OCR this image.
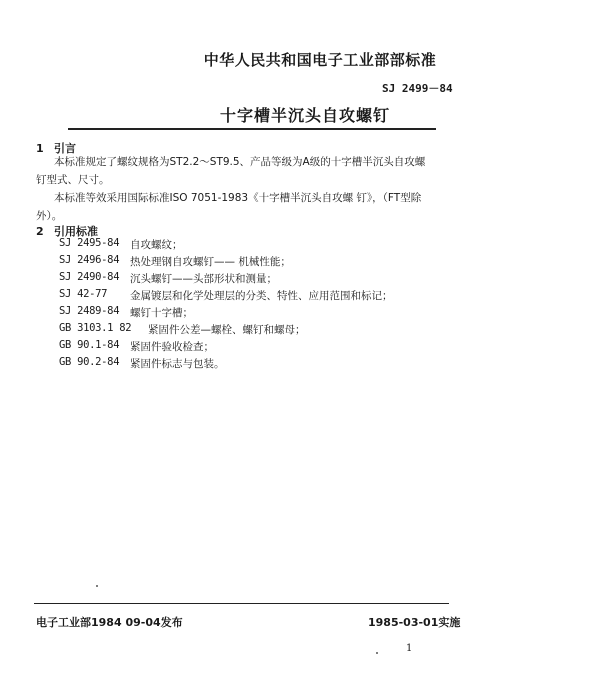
中华人民共和国电子工业部部标准
SJ 2499－84
十字槽半沉头自攻螺钉
1 引言
本标准规定了螺纹规格为ST2.2～ST9.5、产品等级为A级的十字槽半沉头自攻螺
钉型式、尺寸。
本标准等效采用国际标准ISO 7051-1983《十字槽半沉头自攻螺 钉》，（FT型除
外）。
2 引用标准
SJ 2495-84 自攻螺纹；
SJ 2496-84 热处理钢自攻螺钉—— 机械性能；
SJ 2490-84 沉头螺钉——头部形状和测量；
SJ 42-77 金属镀层和化学处理层的分类、特性、应用范围和标记；
SJ 2489-84 螺钉十字槽；
GB 3103.1 82 紧固件公差—螺栓、螺钉和螺母；
GB 90.1-84 紧固件验收检查；
GB 90.2-84 紧固件标志与包装。
电子工业部1984 09-04发布	1985-03-01实施
1
